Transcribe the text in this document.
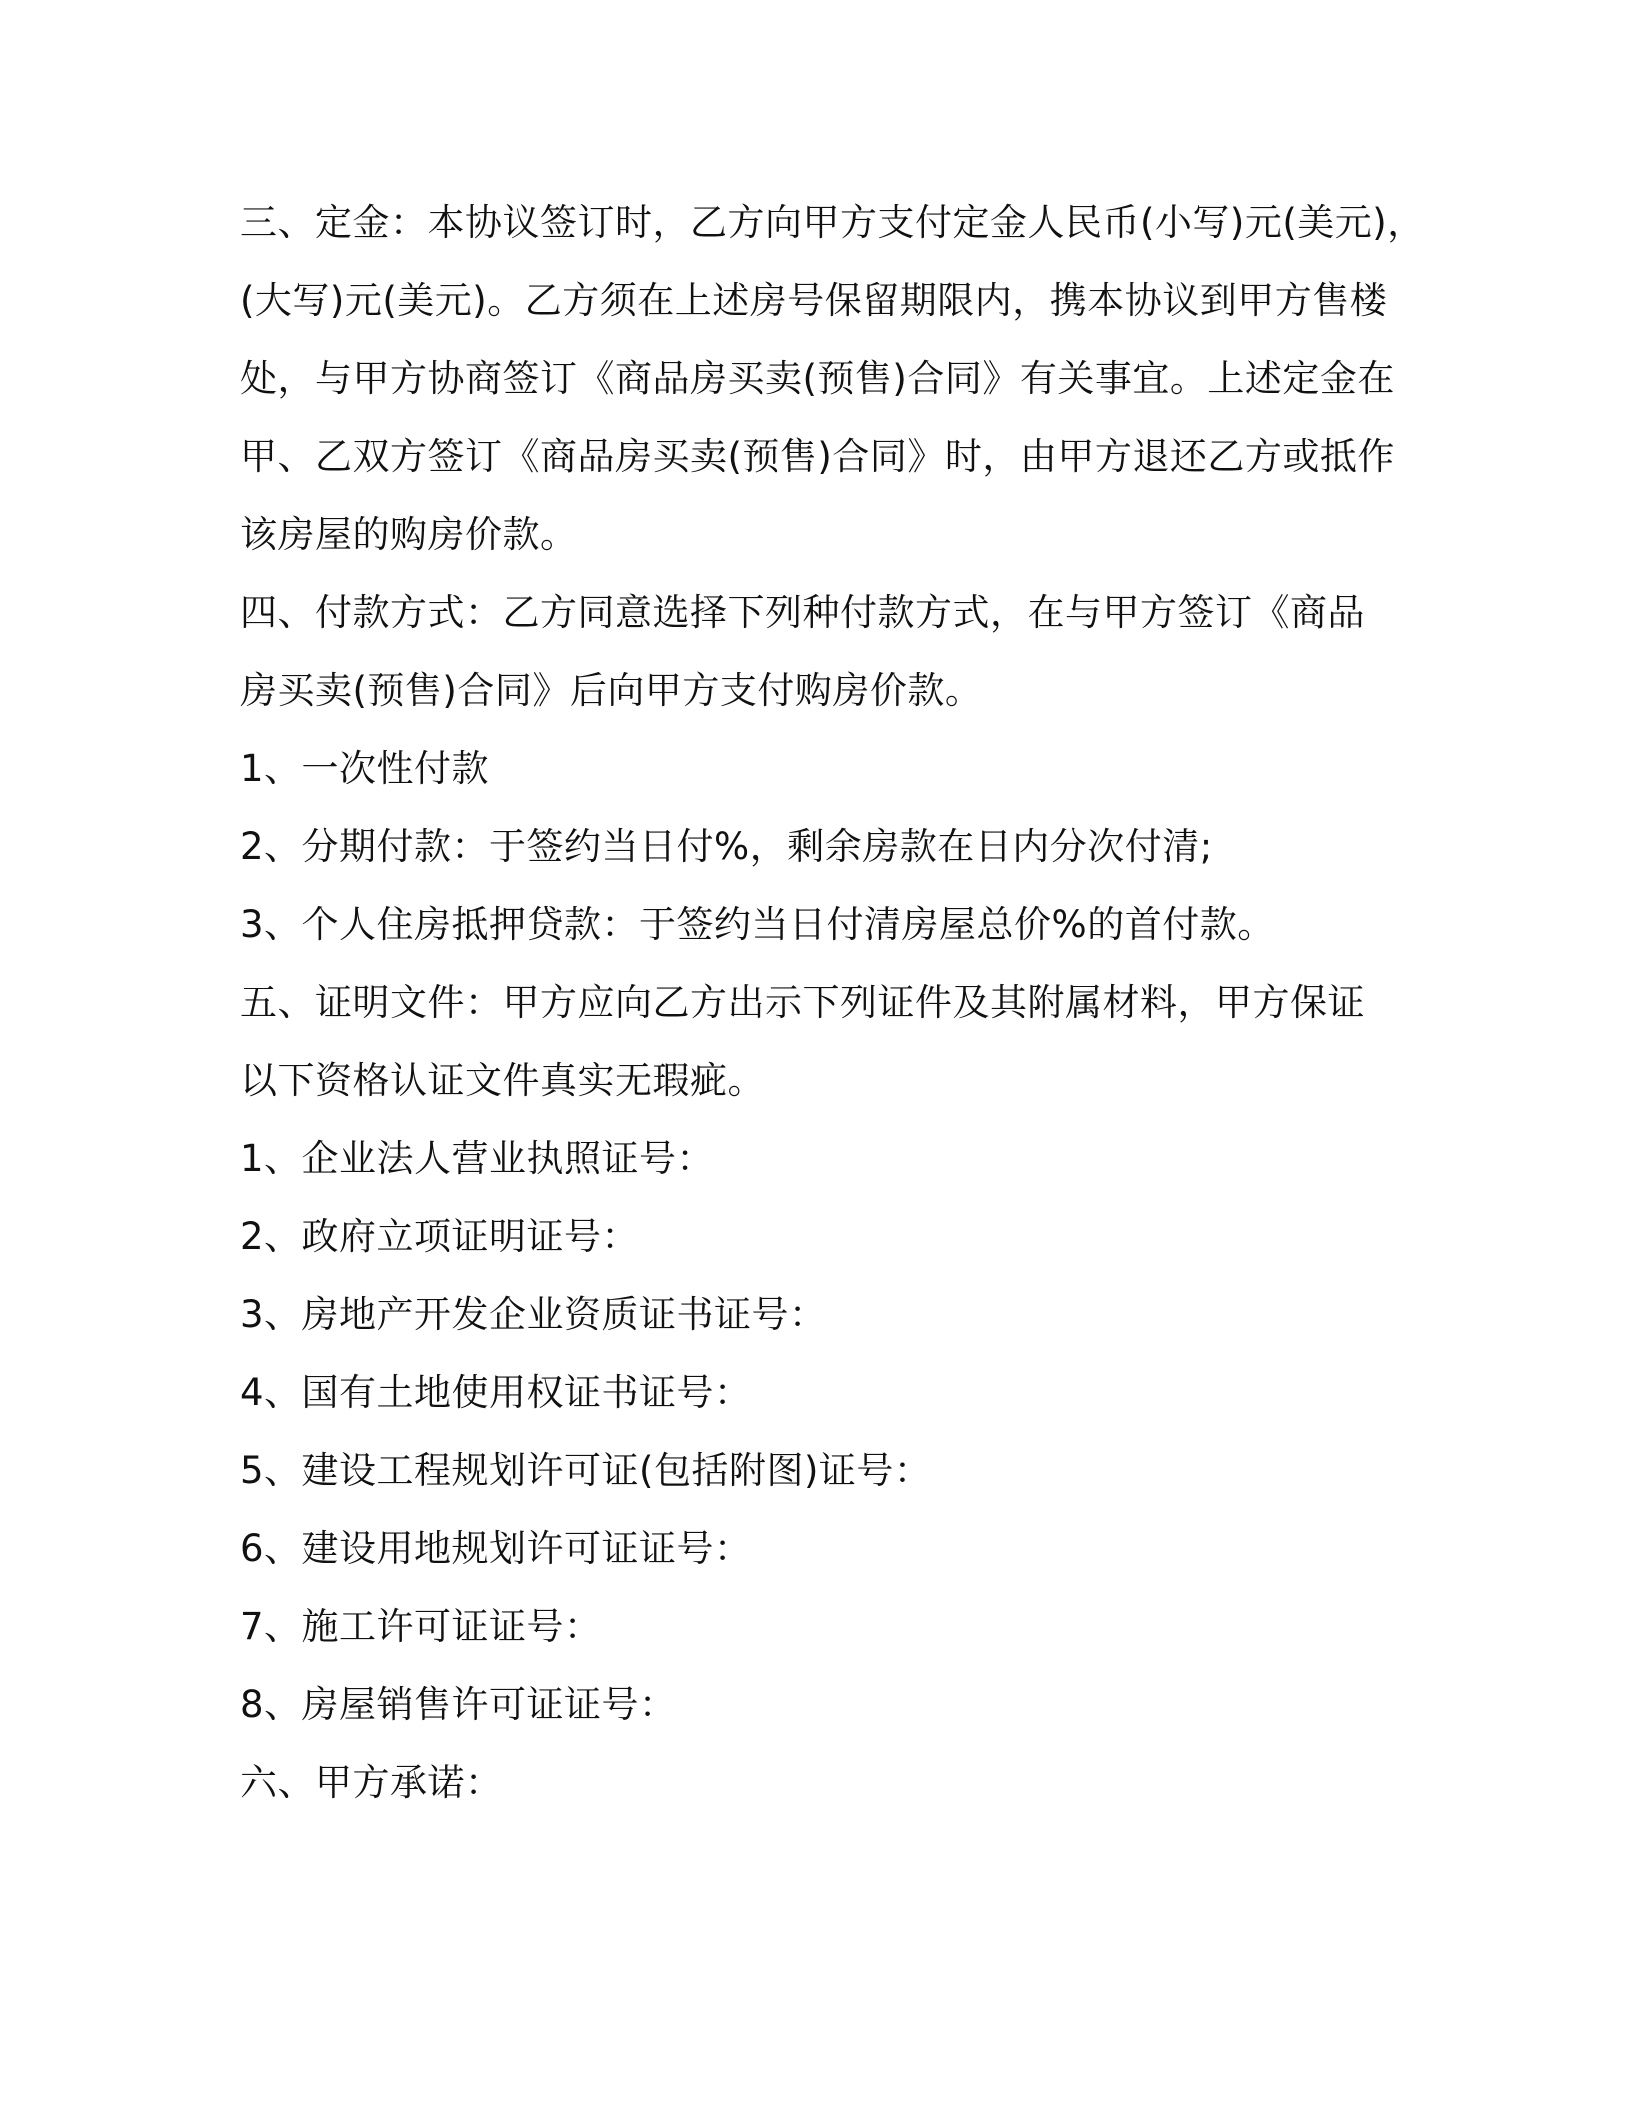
三、定金：本协议签订时，乙方向甲方支付定金人民币(小写)元(美元)，
(大写)元(美元)。乙方须在上述房号保留期限内，携本协议到甲方售楼
处，与甲方协商签订《商品房买卖(预售)合同》有关事宜。上述定金在
甲、乙双方签订《商品房买卖(预售)合同》时，由甲方退还乙方或抵作
该房屋的购房价款。
四、付款方式：乙方同意选择下列种付款方式，在与甲方签订《商品
房买卖(预售)合同》后向甲方支付购房价款。
1、一次性付款
2、分期付款：于签约当日付%，剩余房款在日内分次付清;
3、个人住房抵押贷款：于签约当日付清房屋总价%的首付款。
五、证明文件：甲方应向乙方出示下列证件及其附属材料，甲方保证
以下资格认证文件真实无瑕疵。
1、企业法人营业执照证号：
2、政府立项证明证号：
3、房地产开发企业资质证书证号：
4、国有土地使用权证书证号：
5、建设工程规划许可证(包括附图)证号：
6、建设用地规划许可证证号：
7、施工许可证证号：
8、房屋销售许可证证号：
六、甲方承诺：
